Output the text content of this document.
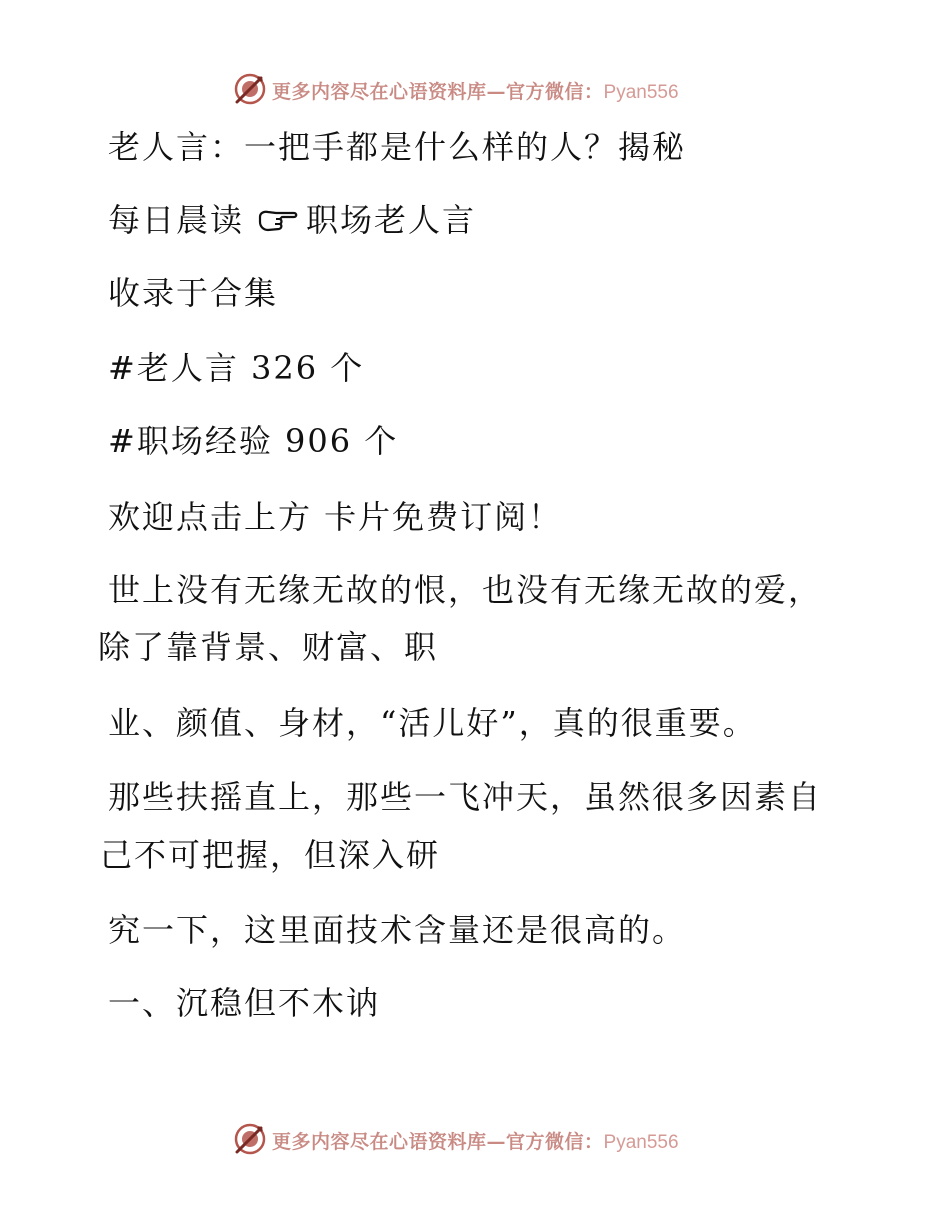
更多内容尽在心语资料库—官方微信：Pyan556
老人言：一把手都是什么样的人？揭秘
每日晨读 职场老人言
收录于合集
#老人言 326 个
#职场经验 906 个
欢迎点击上方 卡片免费订阅！
世上没有无缘无故的恨，也没有无缘无故的爱，
除了靠背景、财富、职
业、颜值、身材，“活儿好”，真的很重要。
那些扶摇直上，那些一飞冲天，虽然很多因素自
己不可把握，但深入研
究一下，这里面技术含量还是很高的。
一、沉稳但不木讷
更多内容尽在心语资料库—官方微信：Pyan556
